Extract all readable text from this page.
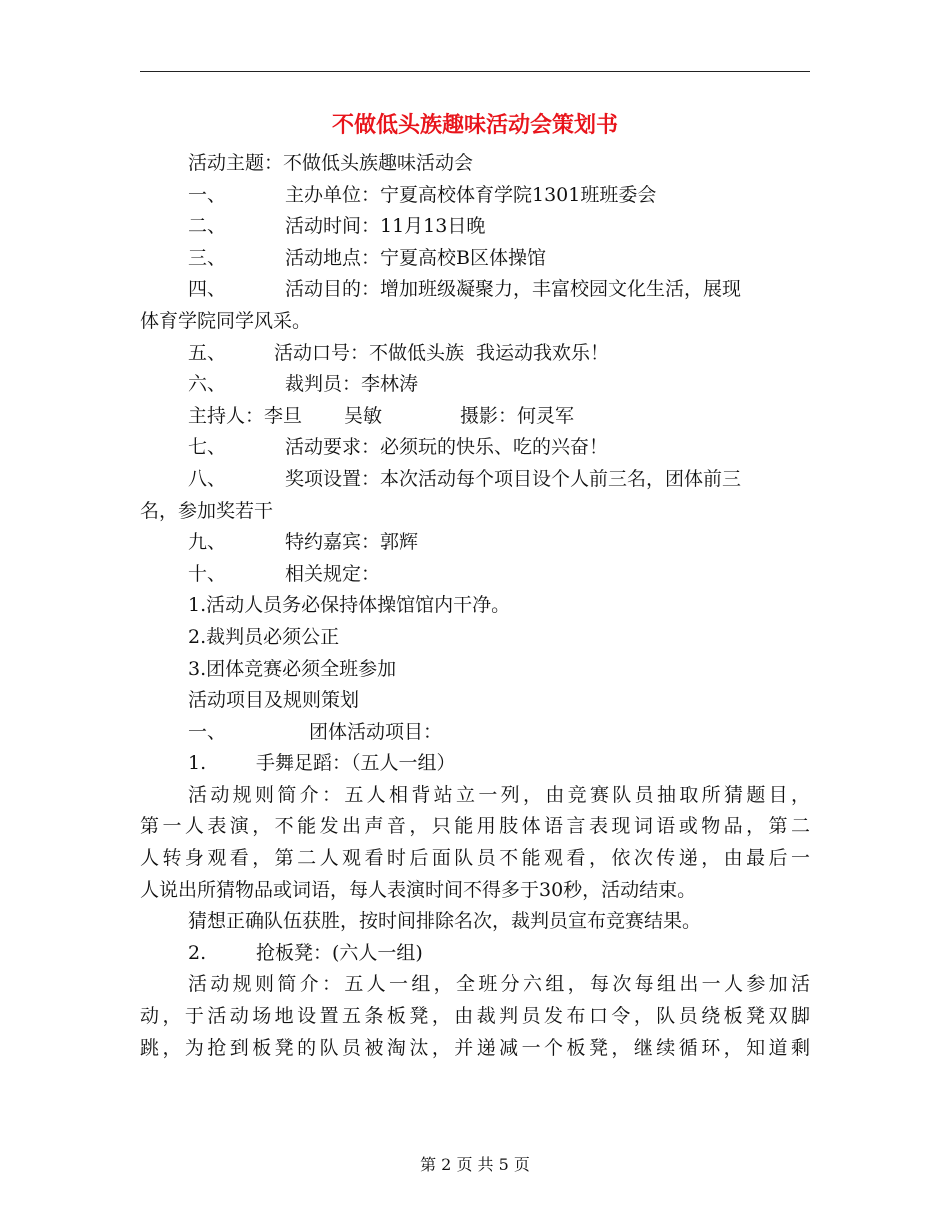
不做低头族趣味活动会策划书
活动主题：不做低头族趣味活动会
一、	主办单位：宁夏高校体育学院1301班班委会
二、	活动时间：11月13日晚
三、	活动地点：宁夏高校B区体操馆
四、	活动目的：增加班级凝聚力，丰富校园文化生活，展现
体育学院同学风采。
五、	活动口号：不做低头族 我运动我欢乐！
六、	裁判员：李林涛
主持人：李旦 吴敏	摄影：何灵军
七、	活动要求：必须玩的快乐、吃的兴奋！
八、	奖项设置：本次活动每个项目设个人前三名，团体前三
名，参加奖若干
九、	特约嘉宾：郭辉
十、	相关规定：
1.活动人员务必保持体操馆馆内干净。
2.裁判员必须公正
3.团体竞赛必须全班参加
活动项目及规则策划
一、	团体活动项目：
1.	手舞足蹈：（五人一组）
活动规则简介：五人相背站立一列，由竞赛队员抽取所猜题目，
第一人表演，不能发出声音，只能用肢体语言表现词语或物品，第二
人转身观看，第二人观看时后面队员不能观看，依次传递，由最后一
人说出所猜物品或词语，每人表演时间不得多于30秒，活动结束。
猜想正确队伍获胜，按时间排除名次，裁判员宣布竞赛结果。
2.	抢板凳：(六人一组)
活动规则简介：五人一组，全班分六组，每次每组出一人参加活
动，于活动场地设置五条板凳，由裁判员发布口令，队员绕板凳双脚
跳，为抢到板凳的队员被淘汰，并递减一个板凳，继续循环，知道剩
第 2 页 共 5 页
